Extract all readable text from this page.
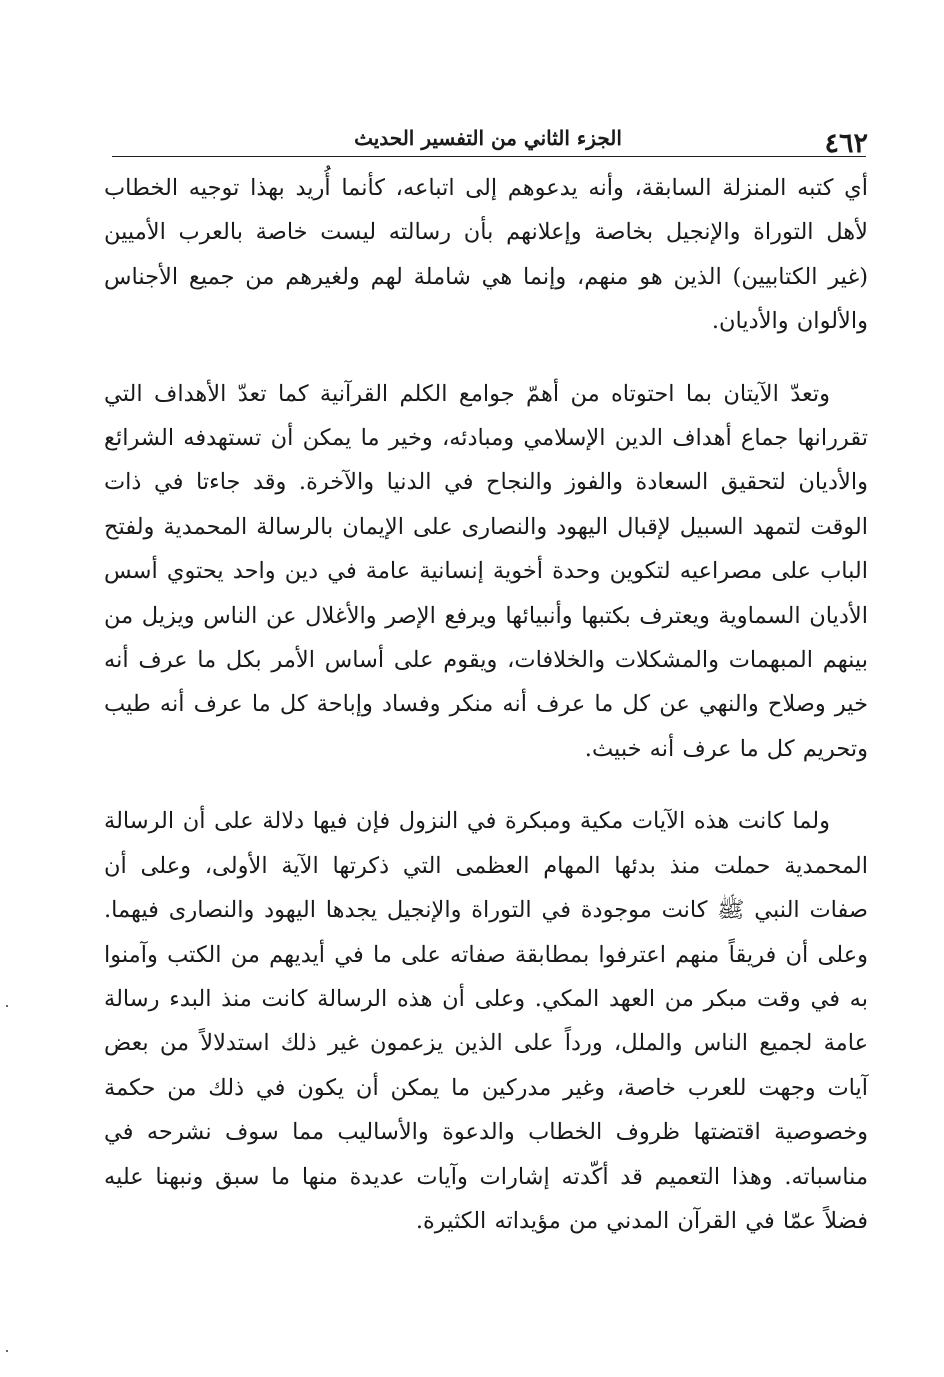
٤٦٢
الجزء الثاني من التفسير الحديث

أي كتبه المنزلة السابقة، وأنه يدعوهم إلى اتباعه، كأنما أُريد بهذا توجيه الخطاب لأهل التوراة والإنجيل بخاصة وإعلانهم بأن رسالته ليست خاصة بالعرب الأميين (غير الكتابيين) الذين هو منهم، وإنما هي شاملة لهم ولغيرهم من جميع الأجناس والألوان والأديان.

وتعدّ الآيتان بما احتوتاه من أهمّ جوامع الكلم القرآنية كما تعدّ الأهداف التي تقررانها جماع أهداف الدين الإسلامي ومبادئه، وخير ما يمكن أن تستهدفه الشرائع والأديان لتحقيق السعادة والفوز والنجاح في الدنيا والآخرة. وقد جاءتا في ذات الوقت لتمهد السبيل لإقبال اليهود والنصارى على الإيمان بالرسالة المحمدية ولفتح الباب على مصراعيه لتكوين وحدة أخوية إنسانية عامة في دين واحد يحتوي أسس الأديان السماوية ويعترف بكتبها وأنبيائها ويرفع الإصر والأغلال عن الناس ويزيل من بينهم المبهمات والمشكلات والخلافات، ويقوم على أساس الأمر بكل ما عرف أنه خير وصلاح والنهي عن كل ما عرف أنه منكر وفساد وإباحة كل ما عرف أنه طيب وتحريم كل ما عرف أنه خبيث.

ولما كانت هذه الآيات مكية ومبكرة في النزول فإن فيها دلالة على أن الرسالة المحمدية حملت منذ بدئها المهام العظمى التي ذكرتها الآية الأولى، وعلى أن صفات النبي ﷺ كانت موجودة في التوراة والإنجيل يجدها اليهود والنصارى فيهما. وعلى أن فريقاً منهم اعترفوا بمطابقة صفاته على ما في أيديهم من الكتب وآمنوا به في وقت مبكر من العهد المكي. وعلى أن هذه الرسالة كانت منذ البدء رسالة عامة لجميع الناس والملل، ورداً على الذين يزعمون غير ذلك استدلالاً من بعض آيات وجهت للعرب خاصة، وغير مدركين ما يمكن أن يكون في ذلك من حكمة وخصوصية اقتضتها ظروف الخطاب والدعوة والأساليب مما سوف نشرحه في مناسباته. وهذا التعميم قد أكّدته إشارات وآيات عديدة منها ما سبق ونبهنا عليه فضلاً عمّا في القرآن المدني من مؤيداته الكثيرة.
